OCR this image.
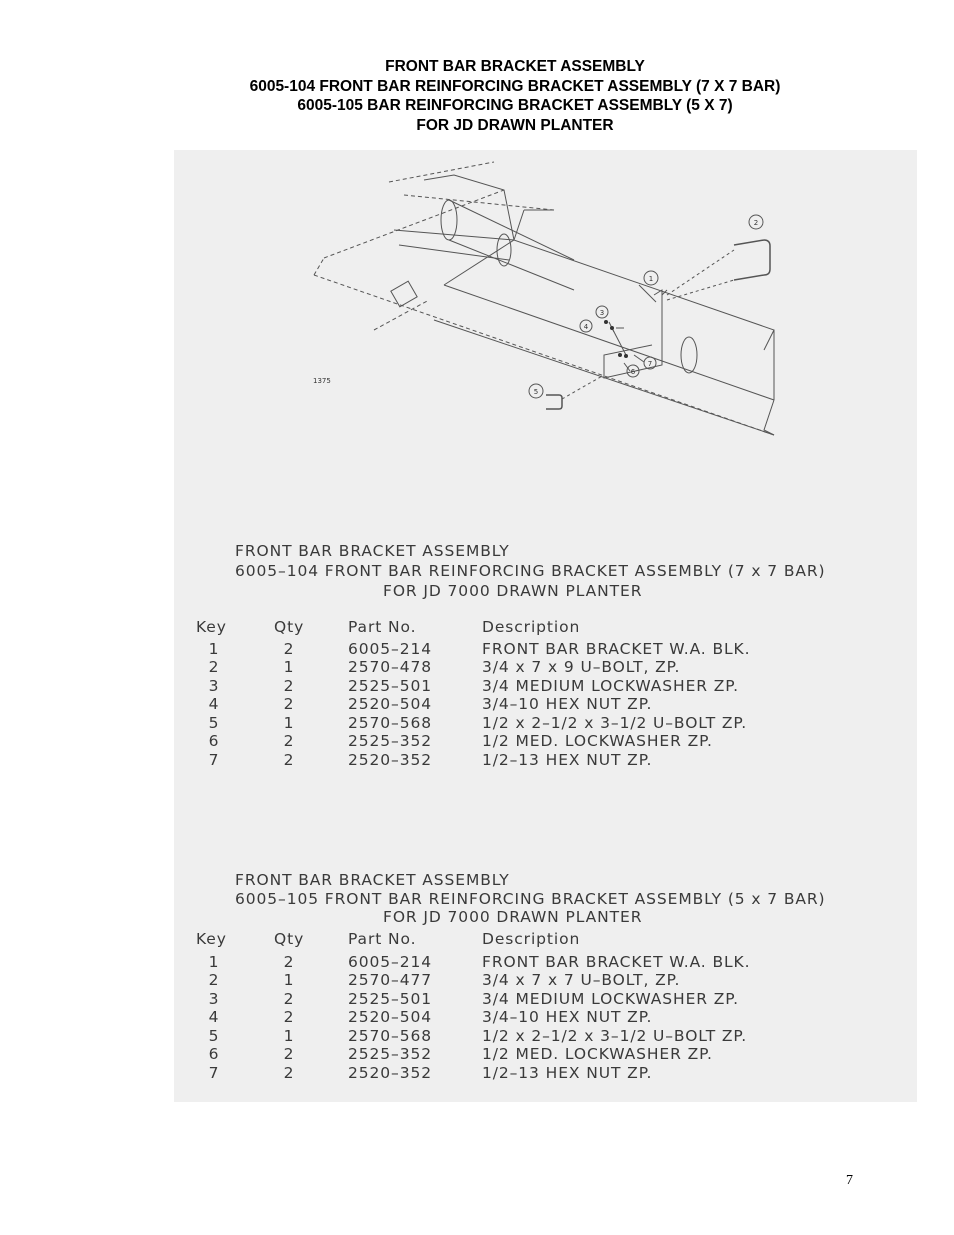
FRONT BAR BRACKET ASSEMBLY
6005-104 FRONT BAR REINFORCING BRACKET ASSEMBLY (7 X 7 BAR)
6005-105 BAR REINFORCING BRACKET ASSEMBLY (5 X 7)
FOR JD DRAWN PLANTER
1
2
3
4
5
6
7
1375
FRONT BAR BRACKET ASSEMBLY
6005–104 FRONT BAR REINFORCING BRACKET ASSEMBLY (7 x 7 BAR)
FOR JD 7000 DRAWN PLANTER
Key	Qty	Part No.	Description
1	2	6005–214	FRONT BAR BRACKET W.A. BLK.
2	1	2570–478	3/4 x 7 x 9 U–BOLT, ZP.
3	2	2525–501	3/4 MEDIUM LOCKWASHER ZP.
4	2	2520–504	3/4–10 HEX NUT ZP.
5	1	2570–568	1/2 x 2–1/2 x 3–1/2 U–BOLT ZP.
6	2	2525–352	1/2 MED. LOCKWASHER ZP.
7	2	2520–352	1/2–13 HEX NUT ZP.
FRONT BAR BRACKET ASSEMBLY
6005–105 FRONT BAR REINFORCING BRACKET ASSEMBLY (5 x 7 BAR)
FOR JD 7000 DRAWN PLANTER
Key	Qty	Part No.	Description
1	2	6005–214	FRONT BAR BRACKET W.A. BLK.
2	1	2570–477	3/4 x 7 x 7 U–BOLT, ZP.
3	2	2525–501	3/4 MEDIUM LOCKWASHER ZP.
4	2	2520–504	3/4–10 HEX NUT ZP.
5	1	2570–568	1/2 x 2–1/2 x 3–1/2 U–BOLT ZP.
6	2	2525–352	1/2 MED. LOCKWASHER ZP.
7	2	2520–352	1/2–13 HEX NUT ZP.
7
